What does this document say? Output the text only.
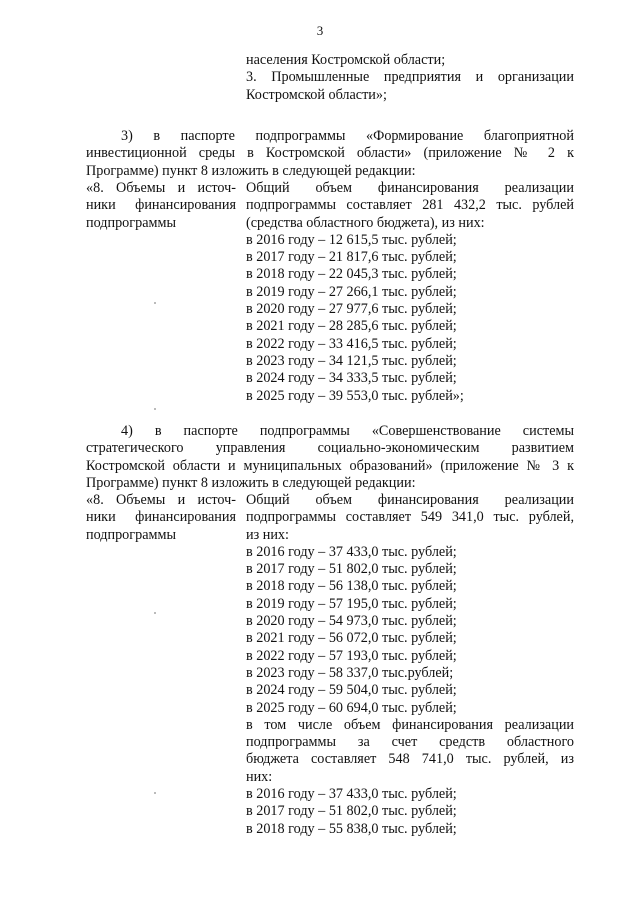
3
населения Костромской области;
3. Промышленные предприятия и организации
Костромской области»;
3) в паспорте подпрограммы «Формирование благоприятной
инвестиционной среды в Костромской области» (приложение № 2 к
Программе) пункт 8 изложить в следующей редакции:
«8. Объемы и источ-
ники финансирования
подпрограммы
Общий объем финансирования реализации
подпрограммы составляет 281 432,2 тыс. рублей
(средства областного бюджета), из них:
в 2016 году – 12 615,5 тыс. рублей;
в 2017 году – 21 817,6 тыс. рублей;
в 2018 году – 22 045,3 тыс. рублей;
в 2019 году – 27 266,1 тыс. рублей;
в 2020 году – 27 977,6 тыс. рублей;
в 2021 году – 28 285,6 тыс. рублей;
в 2022 году – 33 416,5 тыс. рублей;
в 2023 году – 34 121,5 тыс. рублей;
в 2024 году – 34 333,5 тыс. рублей;
в 2025 году – 39 553,0 тыс. рублей»;
4) в паспорте подпрограммы «Совершенствование системы
стратегического управления социально-экономическим развитием
Костромской области и муниципальных образований» (приложение № 3 к
Программе) пункт 8 изложить в следующей редакции:
«8. Объемы и источ-
ники финансирования
подпрограммы
Общий объем финансирования реализации
подпрограммы составляет 549 341,0 тыс. рублей,
из них:
в 2016 году – 37 433,0 тыс. рублей;
в 2017 году – 51 802,0 тыс. рублей;
в 2018 году – 56 138,0 тыс. рублей;
в 2019 году – 57 195,0 тыс. рублей;
в 2020 году – 54 973,0 тыс. рублей;
в 2021 году – 56 072,0 тыс. рублей;
в 2022 году – 57 193,0 тыс. рублей;
в 2023 году – 58 337,0 тыс.рублей;
в 2024 году – 59 504,0 тыс. рублей;
в 2025 году – 60 694,0 тыс. рублей;
в том числе объем финансирования реализации
подпрограммы за счет средств областного
бюджета составляет 548 741,0 тыс. рублей, из
них:
в 2016 году – 37 433,0 тыс. рублей;
в 2017 году – 51 802,0 тыс. рублей;
в 2018 году – 55 838,0 тыс. рублей;
